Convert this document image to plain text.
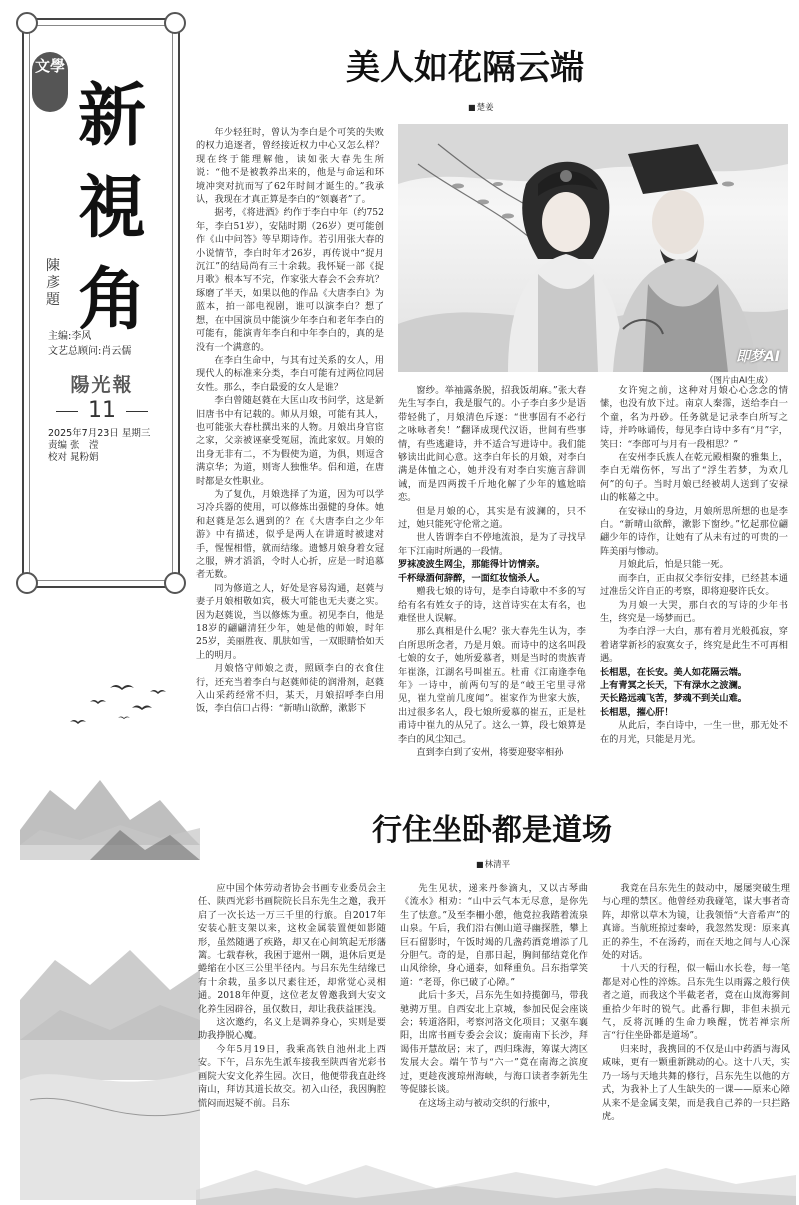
文學
新
視
角
陳彥題
主编:李风
文艺总顾问:肖云儒
陽光報
11
2025年7月23日 星期三
责编 张　滢
校对 晁粉娟
美人如花隔云端
■ 楚姜

年少轻狂时，曾认为李白是个可笑的失败的权力追逐者，曾经接近权力中心又怎么样？现在终于能理解他，读如张大春先生所说：“他不是被教养出来的，他是与命运和环境冲突对抗而写了62年时间才诞生的。”我承认，我现在才真正算是李白的“领襄者”了。

据考，《将进酒》约作于李白中年（约752年，李白51岁），安陆时期（26岁）更可能创作《山中问答》等早期诗作。若引用张大春的小说情节，李白时年才26岁，再传说中“捉月沉江”的结局尚有三十余载。我怀疑一部《捉月歌》根本写不完，作家张大春会不会弃坑？琢磨了半天，如果以他的作品《大唐李白》为蓝本，拍一部电视剧，谁可以演李白？想了想，在中国演员中能演少年李白和老年李白的可能有，能演青年李白和中年李白的，真的是没有一个满意的。

在李白生命中，与其有过关系的女人，用现代人的标准来分类，李白可能有过两位同居女性。那么，李白最爱的女人是谁？

李白曾随赵蕤在大匡山攻书问学，这是新旧唐书中有记载的。师从月娘，可能有其人，也可能张大春杜撰出来的人物。月娘出身官宦之家，父亲被诬豪受冤屈，流此家奴。月娘的出身无非有二，不为假使为道，为俱，则逗含满京华；为道，则寄人独惟华。侣和道，在唐时都是女性职业。

为了复仇，月娘选择了为道，因为可以学习冷兵器的使用，可以修炼出强健的身体。她和赵蕤是怎么遇到的？在《大唐李白之少年游》中有描述，似乎是两人在讲道时被逮对手，惺惺相惜，就而结缘。遗憾月娘身着女冠之服，辨才滔滔，令时人心折，应是一时追慕者无数。

同为修道之人，好处是容易沟通，赵蕤与妻子月娘相敬如宾，极大可能也无夫妻之实。因为赵蕤说，当以修炼为重。初见李白，他是18岁的翩翩清狂少年，她是他的师娘，时年25岁，美丽胜夜、肌肤如雪，一双眼睛恰如天上的明月。

月娘恪守师娘之责，照顾李白的衣食住行，还充当着李白与赵蕤师徒的润滑剂，赵蕤入山采药经常不归，某天，月娘招呼李白用饭，李白信口占得：“新晴山欲醉，漱影下

即梦AI
（图片由AI生成）

窗纱。举袖露条脱，招我饭胡麻。”张大春先生写李白，我是服气的。小子李白多少是语带轻佻了，月娘清色斥逐：“世事固有不必行之咏咏者矣！”翻译成现代汉语，世间有些事情，有些逃避诗，并不适合写进诗中。我们能够读出此间心意。这李白年长的月娘，对李白满是体恤之心，她并没有对李白实施言辞训诫，而是四两拨千斤地化解了少年的尴尬暗恋。

但是月娘的心，其实是有波澜的，只不过，她只能死守伦常之道。

世人皆谓李白不停地流浪，是为了寻找早年下江南时所遇的一段情。

罗袜凌波生网尘，那能得计访情亲。

千杯绿酒何辞醉，一面红妆恼杀人。

赠我七娘的诗句，是李白诗歌中不多的写给有名有姓女子的诗，这首诗实在太有名，也难怪世人误解。

那么真相是什么呢？张大春先生认为，李白所思所念者，乃是月娘。而诗中的这名叫段七娘的女子，她所爱慕者，则是当时的贵族青年崔涤，江湖名号叫崔五。杜甫《江南逢李龟年》一诗中，前两句写的是“岐王宅里寻常见，崔九堂前几度闻”。崔家作为世家大族，出过很多名人，段七娘所爱慕的崔五，正是杜甫诗中崔九的从兄了。这么一算，段七娘算是李白的风尘知己。

直到李白到了安州，将要迎娶宰相孙

女许宛之前，这种对月娘心心念念的情愫，也没有放下过。南京人秦霈，送给李白一个童，名为丹砂。任务就是记录李白所写之诗，并吟咏诵传，每见李白诗中多有“月”字，笑曰：“李郎可与月有一段相思？”

在安州李氏族人在乾元殿相聚的雅集上，李白无端伤怀，写出了“浮生若梦，为欢几何”的句子。当时月娘已经被胡人送到了安禄山的帐幕之中。

在安禄山的身边，月娘所思所想的也是李白。“新晴山欲醉，漱影下窗纱。”忆起那位翩翩少年的诗作，让她有了从未有过的可贵的一阵美丽与惨动。

月娘此后，怕是只能一死。

而李白，正由叔父李衍安排，已经甚本通过准岳父许自正的考察，即将迎娶许氏女。

为月娘一大哭，那白衣的写诗的少年书生，终究是一场梦而已。

为李白浮一大白，那有着月光般孤寂，穿着诸掌新衫的寂寞女子，终究是此生不可再相遇。

长相思，在长安。美人如花隔云端。

上有青冥之长天，下有渌水之波澜。

天长路远魂飞苦，梦魂不到关山难。

长相思，摧心肝！

从此后，李白诗中，一生一世，那无处不在的月光，只能是月光。

行住坐卧都是道场
■ 林清平

应中国个体劳动者协会书画专业委员会主任、陕西光彩书画院院长吕东先生之邀，我开启了一次长达一万三千里的行旅。自2017年安装心脏支架以来，这枚金属装置便如影随形，虽然随遇了疾路，却又在心间筑起无形藩篱。七载春秋，我困于遮州一隅，退休后更是蜷缩在小区三公里半径内。与吕东先生结缘已有十余载，虽多以尺素往还，却常觉心灵相通。2018年仲夏，这位老友曾邀我到大安文化养生园辟谷，虽仅数日，却让我获益匪浅。

这次邀约，名义上是调养身心，实则是要助我挣脱心魔。

今年5月19日，我乘高铁自池州北上西安。下午，吕东先生派车接我至陕西省光彩书画院大安文化养生园。次日，他便带我直赴终南山，拜访其道长故交。初入山径，我因胸腔慌闷而迟疑不前。吕东

先生见状，递来丹参滴丸，又以古琴曲《流水》相劝：“山中云气本无尽意，是你先生了怯意。”及至李柵小憩，他竟拉我踏着流泉山泉。午后，我们沿右侧山道寻幽探胜，攀上巨石留影时，午饭时竭的几盏药酒竟增添了几分胆气。奇的是，自那日起，胸间郁结竟化作山风徐徐，身心通泰，如释重负。吕东指掌笑道：“老哥，你已破了心障。”

此后十多天，吕东先生如持揽御马，带我驰骋万里。自西安北上京城，参加民促会座谈会；转道洛阳，考察河洛文化项目；又驱车襄阳，出席书画专委会会议；旋南南下长沙，拜谒伟开慧故居；末了，西归珠海，筹谋大湾区发展大会。端午节与“六一”竟在南海之滨度过，更趁夜渡琼州海峡，与海口读者李新先生等促膝长谈。

在这场主动与被动交织的行旅中，

我竟在吕东先生的鼓动中，屡屡突破生理与心理的禁区。他曾经劝我碰笔，谋大事者奇阵，却常以草木为镜，让我领悟“大音希声”的真谛。当航班掠过秦岭，我忽然发现：原来真正的养生，不在汤药，而在天地之间与人心深处的对话。

十八天的行程，似一幅山水长卷，每一笔都是对心性的淬炼。吕东先生以雨露之般行侠者之道，而我这个半截老者，竟在山岚海雾间重拾少年时的锐气。此番行脚，非但未损元气，反将沉睡的生命力唤醒，恍若禅宗所言“行住坐卧都是道场”。

归来时，我携回的不仅是山中药酒与海风咸味，更有一颗重新跳动的心。这十八天，实乃一场与天地共舞的修行，吕东先生以他的方式，为我补上了人生缺失的一课——原来心障从来不是金属支架，而是我自己养的一只拦路虎。
